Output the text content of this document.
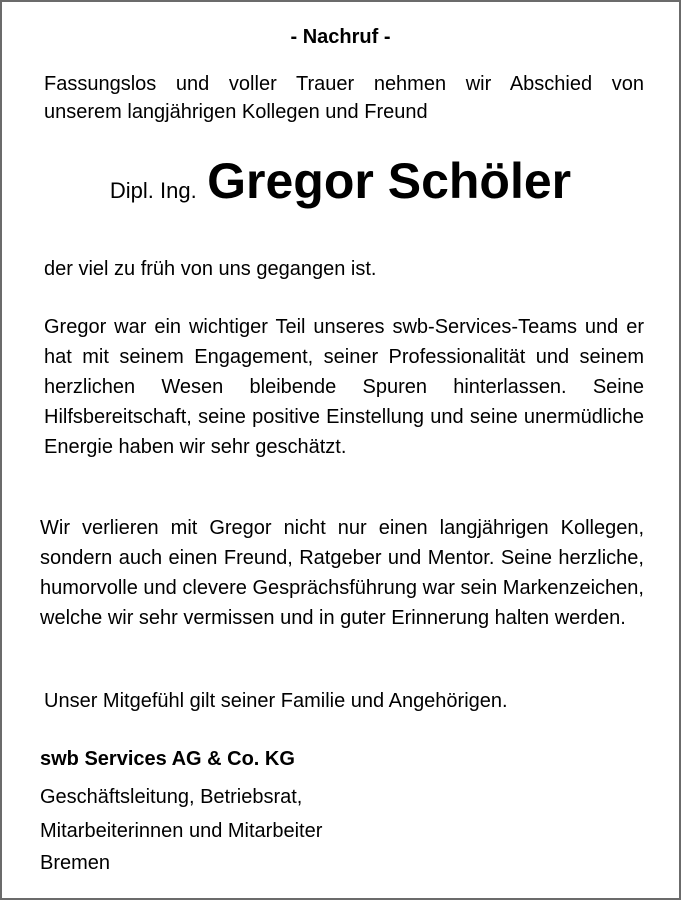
- Nachruf -
Fassungslos und voller Trauer nehmen wir Abschied von
unserem langjährigen Kollegen und Freund
Dipl. Ing. Gregor Schöler
der viel zu früh von uns gegangen ist.
Gregor war ein wichtiger Teil unseres swb-Services-Teams und er hat mit seinem Engagement, seiner Professionalität und seinem herzlichen Wesen bleibende Spuren hinterlassen. Seine Hilfsbereitschaft, seine positive Einstellung und seine unermüdliche Energie haben wir sehr geschätzt.
Wir verlieren mit Gregor nicht nur einen langjährigen Kollegen, sondern auch einen Freund, Ratgeber und Mentor. Seine herzliche, humorvolle und clevere Gesprächsführung war sein Markenzeichen, welche wir sehr vermissen und in guter Erinnerung halten werden.
Unser Mitgefühl gilt seiner Familie und Angehörigen.
swb Services AG & Co. KG
Geschäftsleitung, Betriebsrat,
Mitarbeiterinnen und Mitarbeiter
Bremen
